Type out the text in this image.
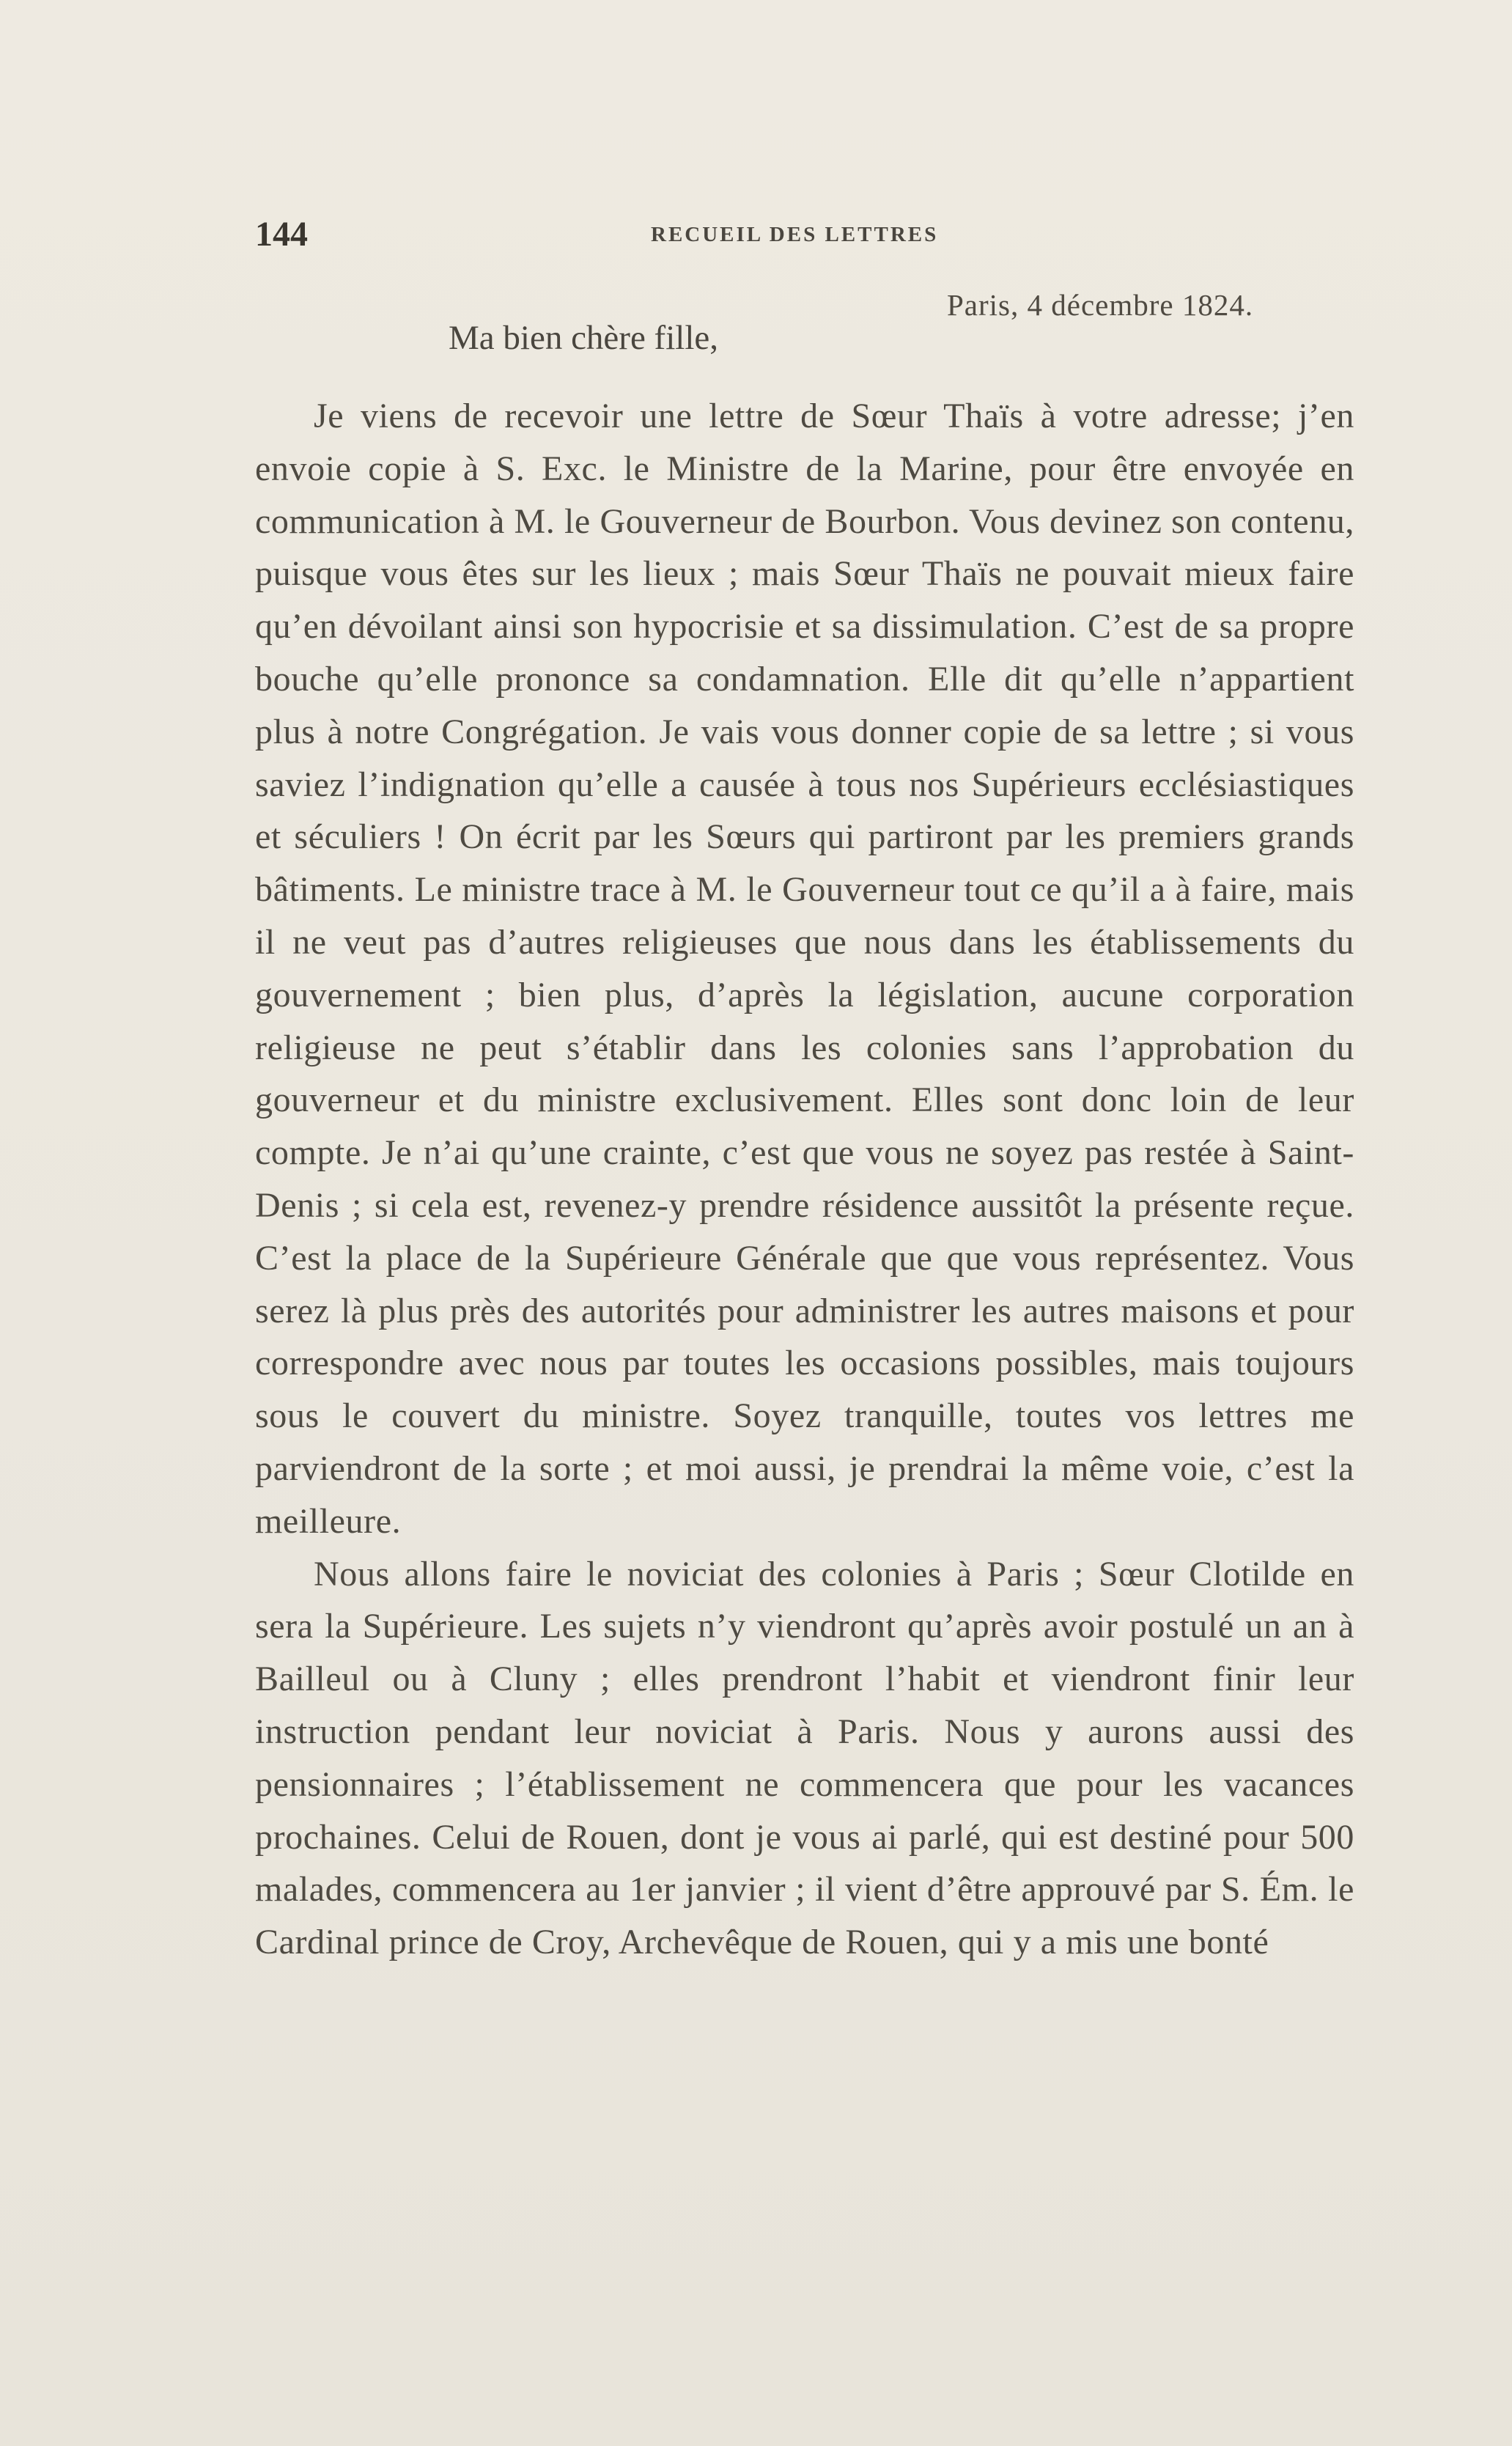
144	RECUEIL DES LETTRES
Paris, 4 décembre 1824.
Ma bien chère fille,

Je viens de recevoir une lettre de Sœur Thaïs à votre adresse; j’en envoie copie à S. Exc. le Ministre de la Marine, pour être envoyée en communication à M. le Gouverneur de Bourbon. Vous devinez son contenu, puisque vous êtes sur les lieux ; mais Sœur Thaïs ne pouvait mieux faire qu’en dévoilant ainsi son hypocrisie et sa dissimulation. C’est de sa propre bouche qu’elle prononce sa condamnation. Elle dit qu’elle n’appartient plus à notre Congrégation. Je vais vous donner copie de sa lettre ; si vous saviez l’indignation qu’elle a causée à tous nos Supérieurs ecclésiastiques et séculiers ! On écrit par les Sœurs qui partiront par les premiers grands bâtiments. Le ministre trace à M. le Gouverneur tout ce qu’il a à faire, mais il ne veut pas d’autres religieuses que nous dans les établissements du gouvernement ; bien plus, d’après la législation, aucune corporation religieuse ne peut s’établir dans les colonies sans l’approbation du gouverneur et du ministre exclusivement. Elles sont donc loin de leur compte. Je n’ai qu’une crainte, c’est que vous ne soyez pas restée à Saint-Denis ; si cela est, revenez-y prendre résidence aussitôt la présente reçue. C’est la place de la Supérieure Générale que que vous représentez. Vous serez là plus près des autorités pour administrer les autres maisons et pour correspondre avec nous par toutes les occasions possibles, mais toujours sous le couvert du ministre. Soyez tranquille, toutes vos lettres me parviendront de la sorte ; et moi aussi, je prendrai la même voie, c’est la meilleure.

Nous allons faire le noviciat des colonies à Paris ; Sœur Clotilde en sera la Supérieure. Les sujets n’y viendront qu’après avoir postulé un an à Bailleul ou à Cluny ; elles prendront l’habit et viendront finir leur instruction pendant leur noviciat à Paris. Nous y aurons aussi des pensionnaires ; l’établissement ne commencera que pour les vacances prochaines. Celui de Rouen, dont je vous ai parlé, qui est destiné pour 500 malades, commencera au 1er janvier ; il vient d’être approuvé par S. Ém. le Cardinal prince de Croy, Archevêque de Rouen, qui y a mis une bonté
